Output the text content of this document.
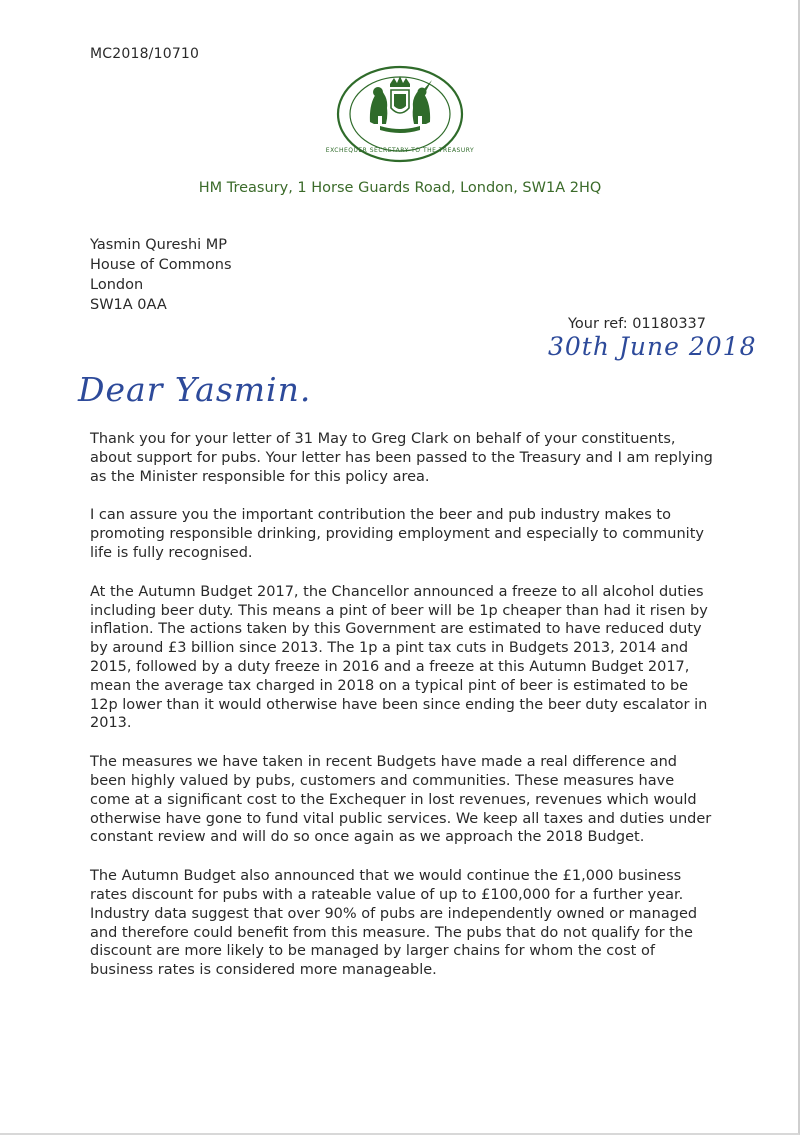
MC2018/10710
EXCHEQUER SECRETARY TO THE TREASURY
HM Treasury, 1 Horse Guards Road, London, SW1A 2HQ
Yasmin Qureshi MP
House of Commons
London
SW1A 0AA
Your ref: 01180337
30th June 2018
Dear Yasmin.

Thank you for your letter of 31 May to Greg Clark on behalf of your constituents, about support for pubs. Your letter has been passed to the Treasury and I am replying as the Minister responsible for this policy area.

I can assure you the important contribution the beer and pub industry makes to promoting responsible drinking, providing employment and especially to community life is fully recognised.

At the Autumn Budget 2017, the Chancellor announced a freeze to all alcohol duties including beer duty. This means a pint of beer will be 1p cheaper than had it risen by inflation. The actions taken by this Government are estimated to have reduced duty by around £3 billion since 2013. The 1p a pint tax cuts in Budgets 2013, 2014 and 2015, followed by a duty freeze in 2016 and a freeze at this Autumn Budget 2017, mean the average tax charged in 2018 on a typical pint of beer is estimated to be 12p lower than it would otherwise have been since ending the beer duty escalator in 2013.

The measures we have taken in recent Budgets have made a real difference and been highly valued by pubs, customers and communities. These measures have come at a significant cost to the Exchequer in lost revenues, revenues which would otherwise have gone to fund vital public services. We keep all taxes and duties under constant review and will do so once again as we approach the 2018 Budget.

The Autumn Budget also announced that we would continue the £1,000 business rates discount for pubs with a rateable value of up to £100,000 for a further year. Industry data suggest that over 90% of pubs are independently owned or managed and therefore could benefit from this measure. The pubs that do not qualify for the discount are more likely to be managed by larger chains for whom the cost of business rates is considered more manageable.
